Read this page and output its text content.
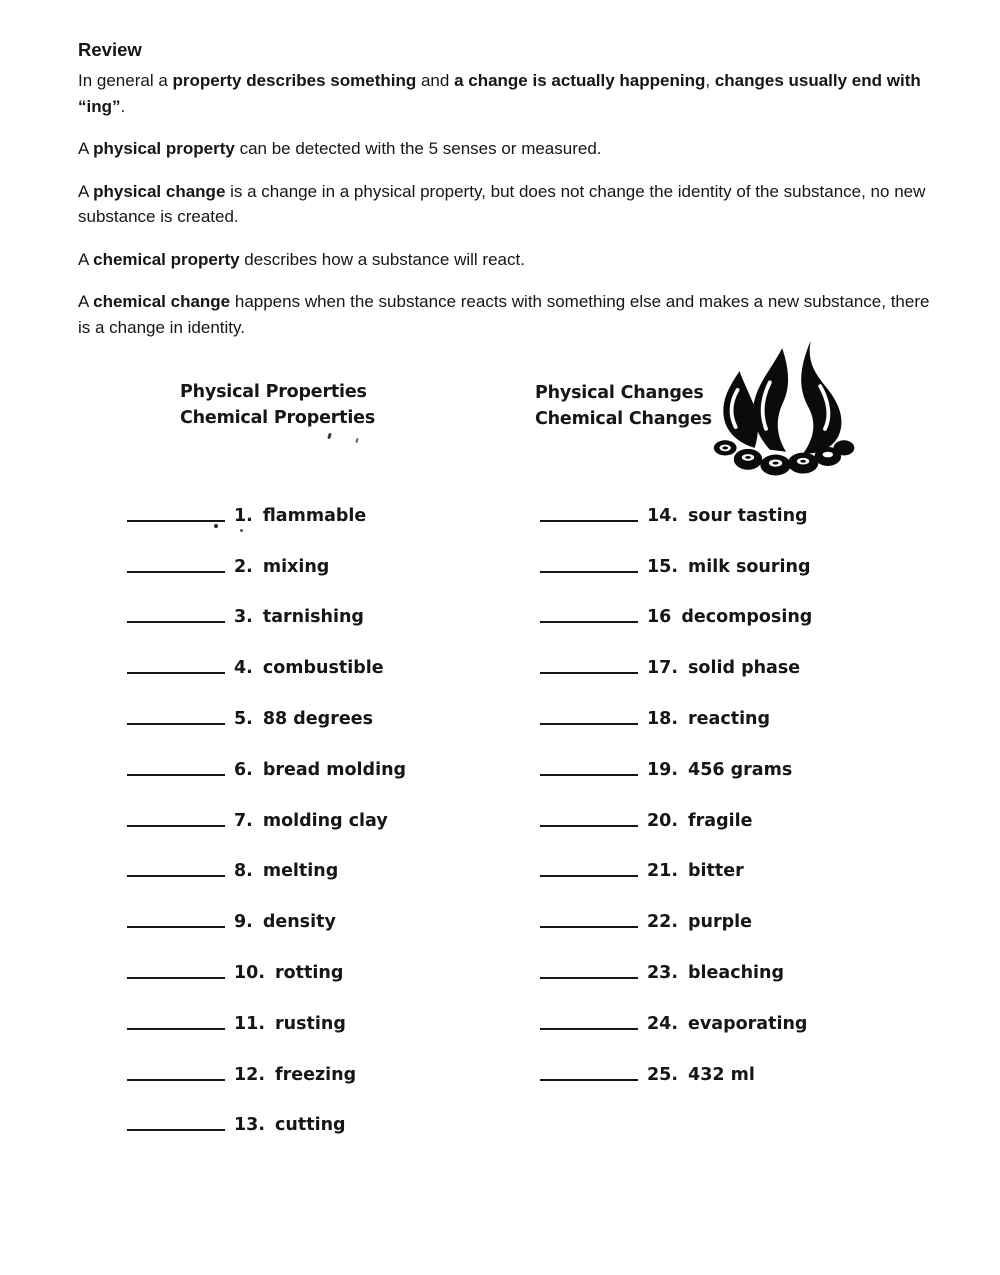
Review

In general a property describes something and a change is actually happening, changes usually end with “ing”.

A physical property can be detected with the 5 senses or measured.

A physical change is a change in a physical property, but does not change the identity of the substance, no new substance is created.

A chemical property describes how a substance will react.

A chemical change happens when the substance reacts with something else and makes a new substance, there is a change in identity.

Physical Properties
Chemical Properties
Physical Changes
Chemical Changes
1. flammable
2. mixing
3. tarnishing
4. combustible
5. 88 degrees
6. bread molding
7. molding clay
8. melting
9. density
10. rotting
11. rusting
12. freezing
13. cutting
14. sour tasting
15. milk souring
16 decomposing
17. solid phase
18. reacting
19. 456 grams
20. fragile
21. bitter
22. purple
23. bleaching
24. evaporating
25. 432 ml
